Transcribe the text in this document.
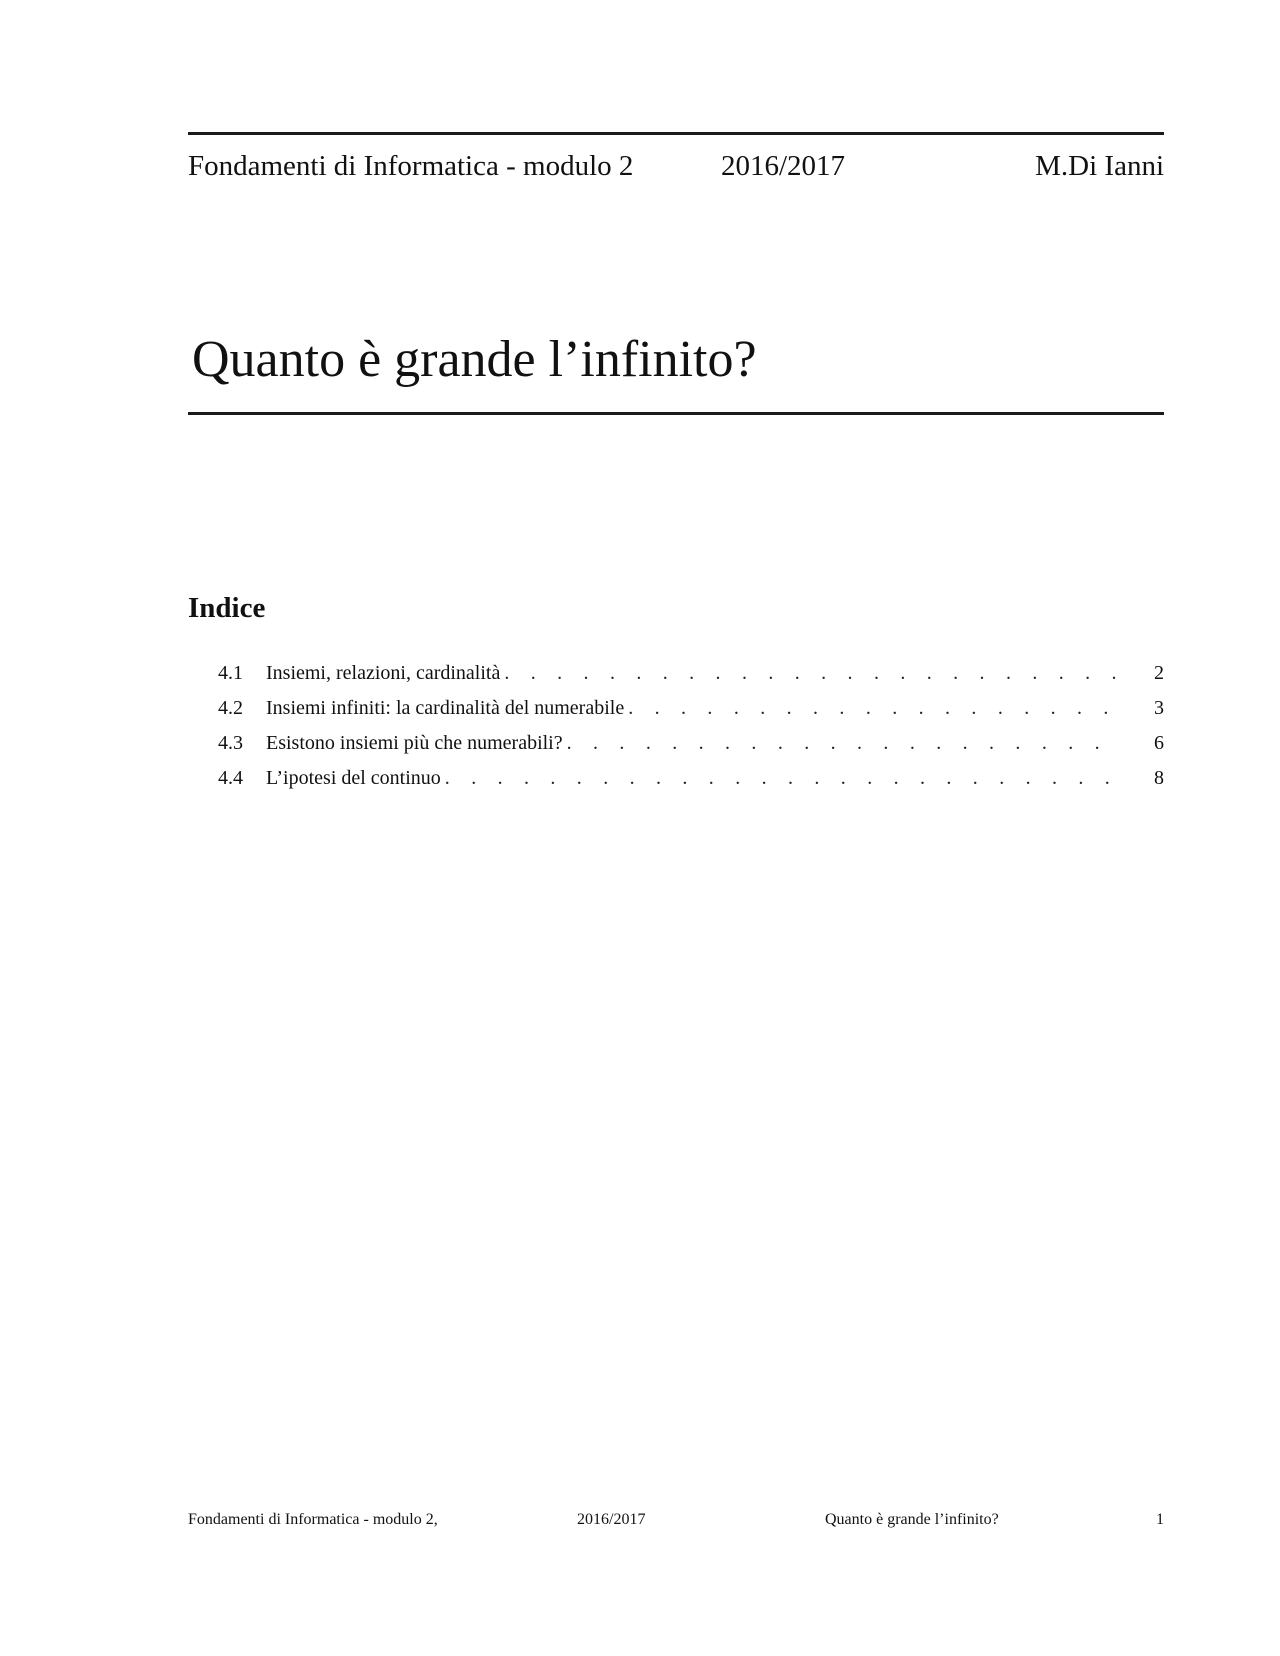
Fondamenti di Informatica - modulo 2	2016/2017	M.Di Ianni
Quanto è grande l’infinito?
Indice
4.1	Insiemi, relazioni, cardinalità . . .	2
4.2	Insiemi infiniti: la cardinalità del numerabile . . .	3
4.3	Esistono insiemi più che numerabili? . . .	6
4.4	L’ipotesi del continuo . . .	8
Fondamenti di Informatica - modulo 2,	2016/2017	Quanto è grande l’infinito?	1
